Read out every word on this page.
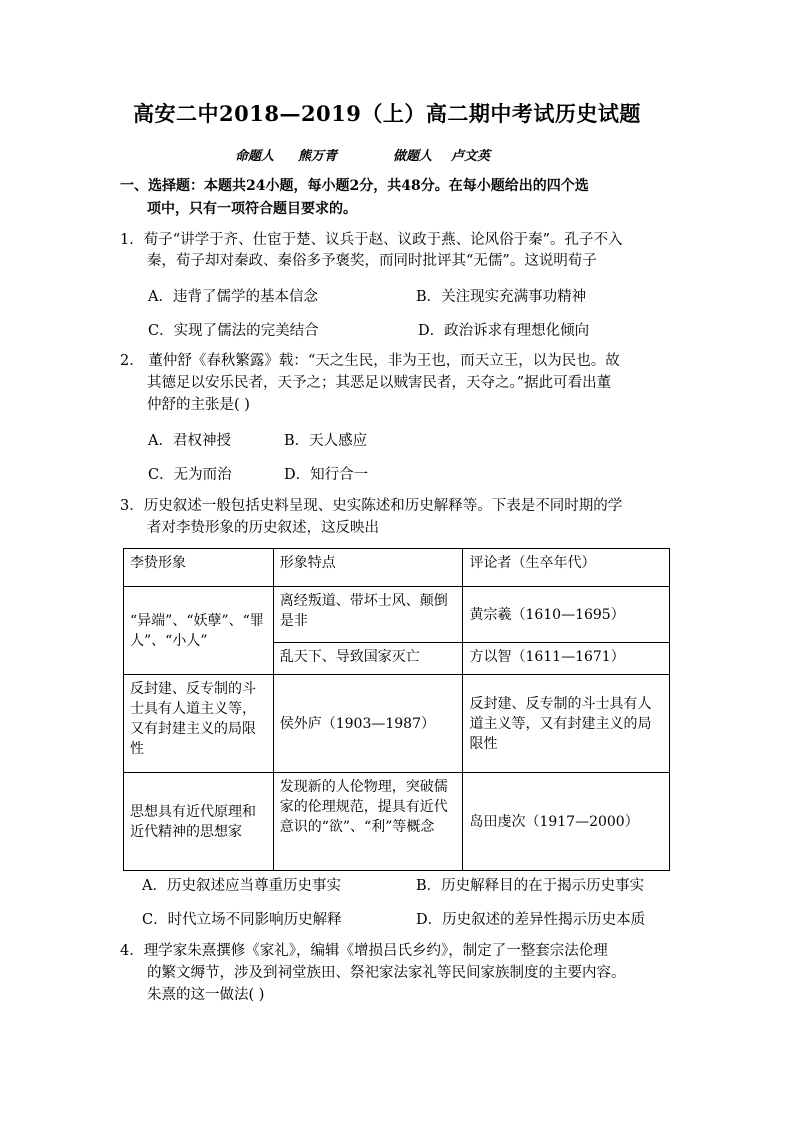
高安二中2018—2019（上）高二期中考试历史试题
命题人 熊万青	做题人 卢文英
一、选择题：本题共24小题，每小题2分，共48分。在每小题给出的四个选
项中，只有一项符合题目要求的。
1．荀子“讲学于齐、仕宦于楚、议兵于赵、议政于燕、论风俗于秦”。孔子不入
秦，荀子却对秦政、秦俗多予褒奖，而同时批评其“无儒”。这说明荀子
A．违背了儒学的基本信念	B．关注现实充满事功精神
C．实现了儒法的完美结合	D．政治诉求有理想化倾向
2． 董仲舒《春秋繁露》载：“天之生民，非为王也，而天立王，以为民也。故
其德足以安乐民者，天予之；其恶足以贼害民者，天夺之。”据此可看出董
仲舒的主张是( )
A．君权神授	B．天人感应
C．无为而治	D．知行合一
3．历史叙述一般包括史料呈现、史实陈述和历史解释等。下表是不同时期的学
者对李贽形象的历史叙述，这反映出
李贽形象	形象特点	评论者（生卒年代）
“异端”、“妖孽”、“罪人”、“小人”	离经叛道、带坏士风、颠倒是非	黄宗羲（1610—1695）
	乱天下、导致国家灭亡	方以智（1611—1671）
反封建、反专制的斗士具有人道主义等，又有封建主义的局限性	侯外庐（1903—1987）	反封建、反专制的斗士具有人道主义等，又有封建主义的局限性
思想具有近代原理和近代精神的思想家	发现新的人伦物理，突破儒家的伦理规范，提具有近代意识的“欲”、“利”等概念	岛田虔次（1917—2000）
A．历史叙述应当尊重历史事实	B．历史解释目的在于揭示历史事实
C．时代立场不同影响历史解释	D．历史叙述的差异性揭示历史本质
4．理学家朱熹撰修《家礼》，编辑《增损吕氏乡约》，制定了一整套宗法伦理
的繁文缛节，涉及到祠堂族田、祭祀家法家礼等民间家族制度的主要内容。
朱熹的这一做法( )
